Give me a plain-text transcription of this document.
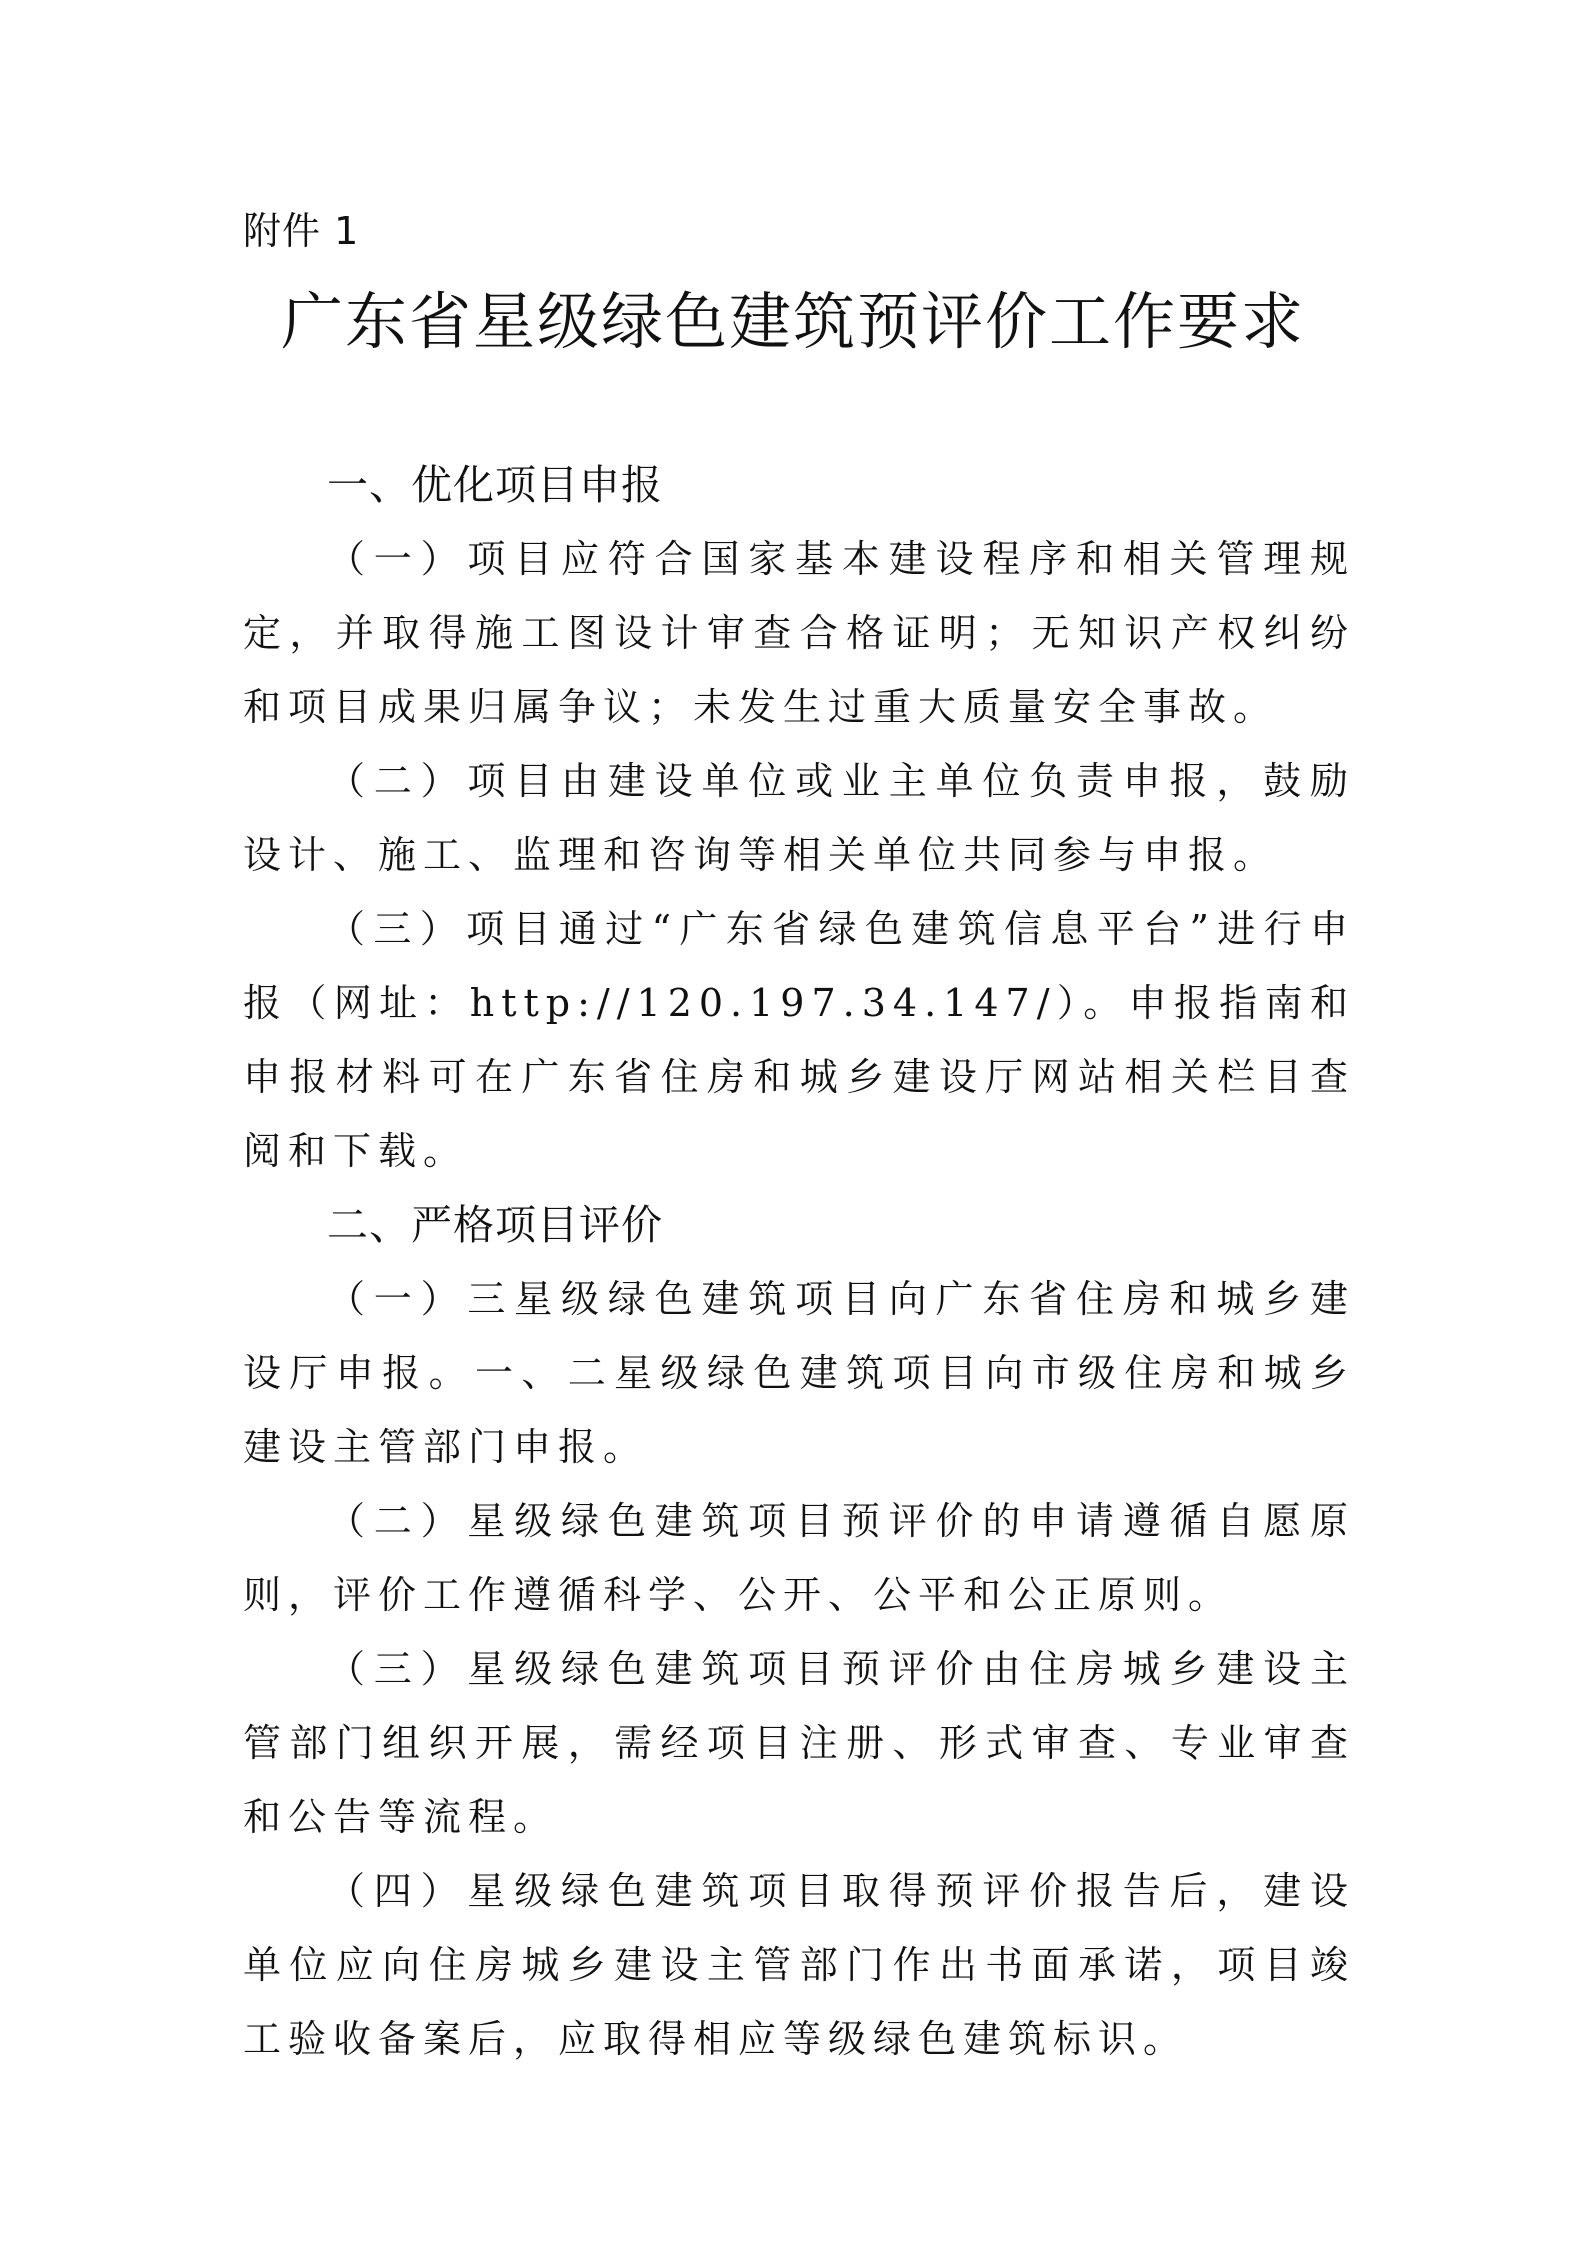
附件 1
广东省星级绿色建筑预评价工作要求
一、优化项目申报

（一）项目应符合国家基本建设程序和相关管理规定，并取得施工图设计审查合格证明；无知识产权纠纷和项目成果归属争议；未发生过重大质量安全事故。

（二）项目由建设单位或业主单位负责申报，鼓励设计、施工、监理和咨询等相关单位共同参与申报。

（三）项目通过“广东省绿色建筑信息平台”进行申报（网址：http://120.197.34.147/）。申报指南和申报材料可在广东省住房和城乡建设厅网站相关栏目查阅和下载。

二、严格项目评价

（一）三星级绿色建筑项目向广东省住房和城乡建设厅申报。一、二星级绿色建筑项目向市级住房和城乡建设主管部门申报。

（二）星级绿色建筑项目预评价的申请遵循自愿原则，评价工作遵循科学、公开、公平和公正原则。

（三）星级绿色建筑项目预评价由住房城乡建设主管部门组织开展，需经项目注册、形式审查、专业审查和公告等流程。

（四）星级绿色建筑项目取得预评价报告后，建设单位应向住房城乡建设主管部门作出书面承诺，项目竣工验收备案后，应取得相应等级绿色建筑标识。
